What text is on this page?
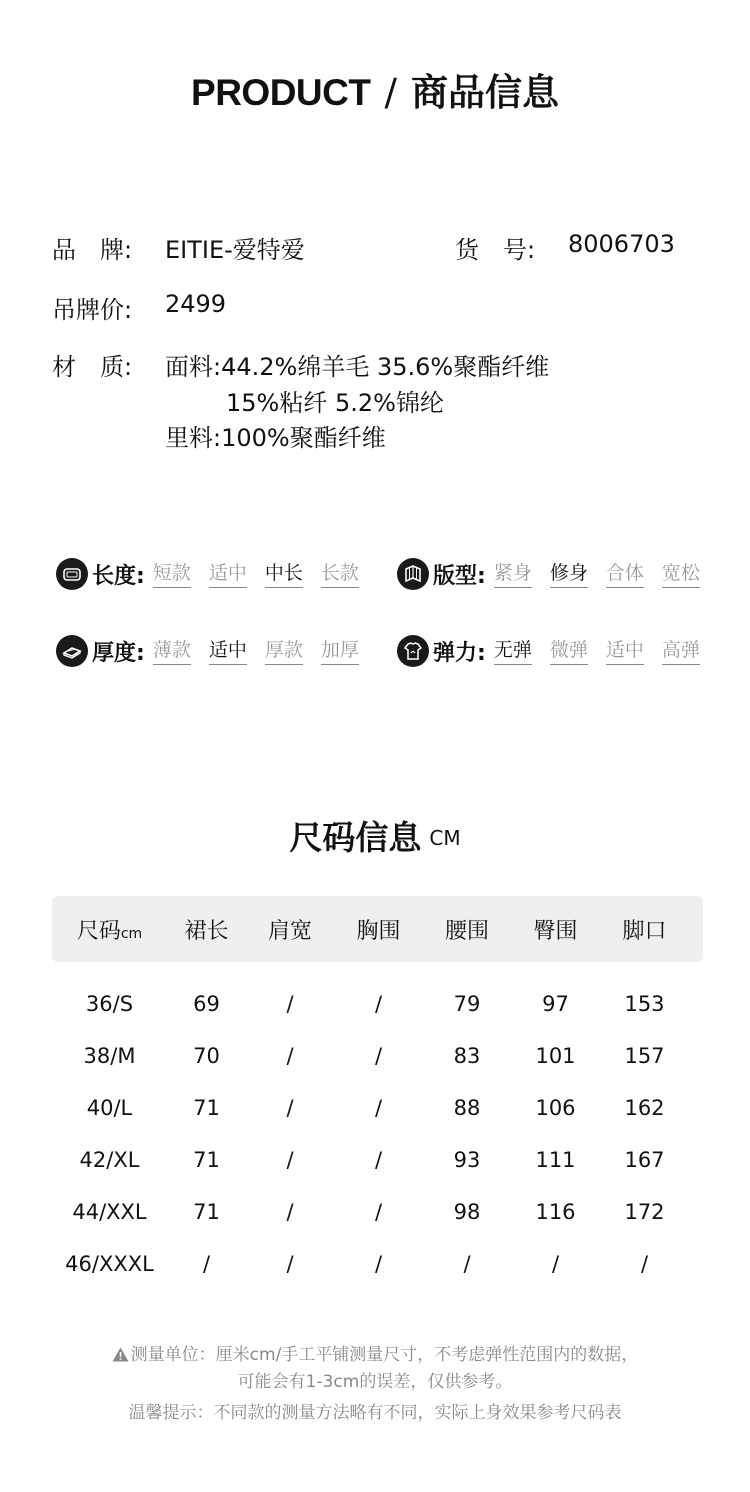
PRODUCT / 商品信息
品　牌: EITIE-爱特爱	货　号: 8006703
吊牌价: 2499
材　质: 面料:44.2%绵羊毛 35.6%聚酯纤维
15%粘纤 5.2%锦纶
里料:100%聚酯纤维
长度: 短款 适中 中长 长款	版型: 紧身 修身 合体 宽松
厚度: 薄款 适中 厚款 加厚	弹力: 无弹 微弹 适中 高弹
尺码信息 CM
尺码cm	裙长	肩宽	胸围	腰围	臀围	脚口
36/S	69	/	/	79	97	153
38/M	70	/	/	83	101	157
40/L	71	/	/	88	106	162
42/XL	71	/	/	93	111	167
44/XXL	71	/	/	98	116	172
46/XXXL	/	/	/	/	/	/
测量单位：厘米cm/手工平铺测量尺寸，不考虑弹性范围内的数据，
可能会有1-3cm的误差，仅供参考。
温馨提示：不同款的测量方法略有不同，实际上身效果参考尺码表
